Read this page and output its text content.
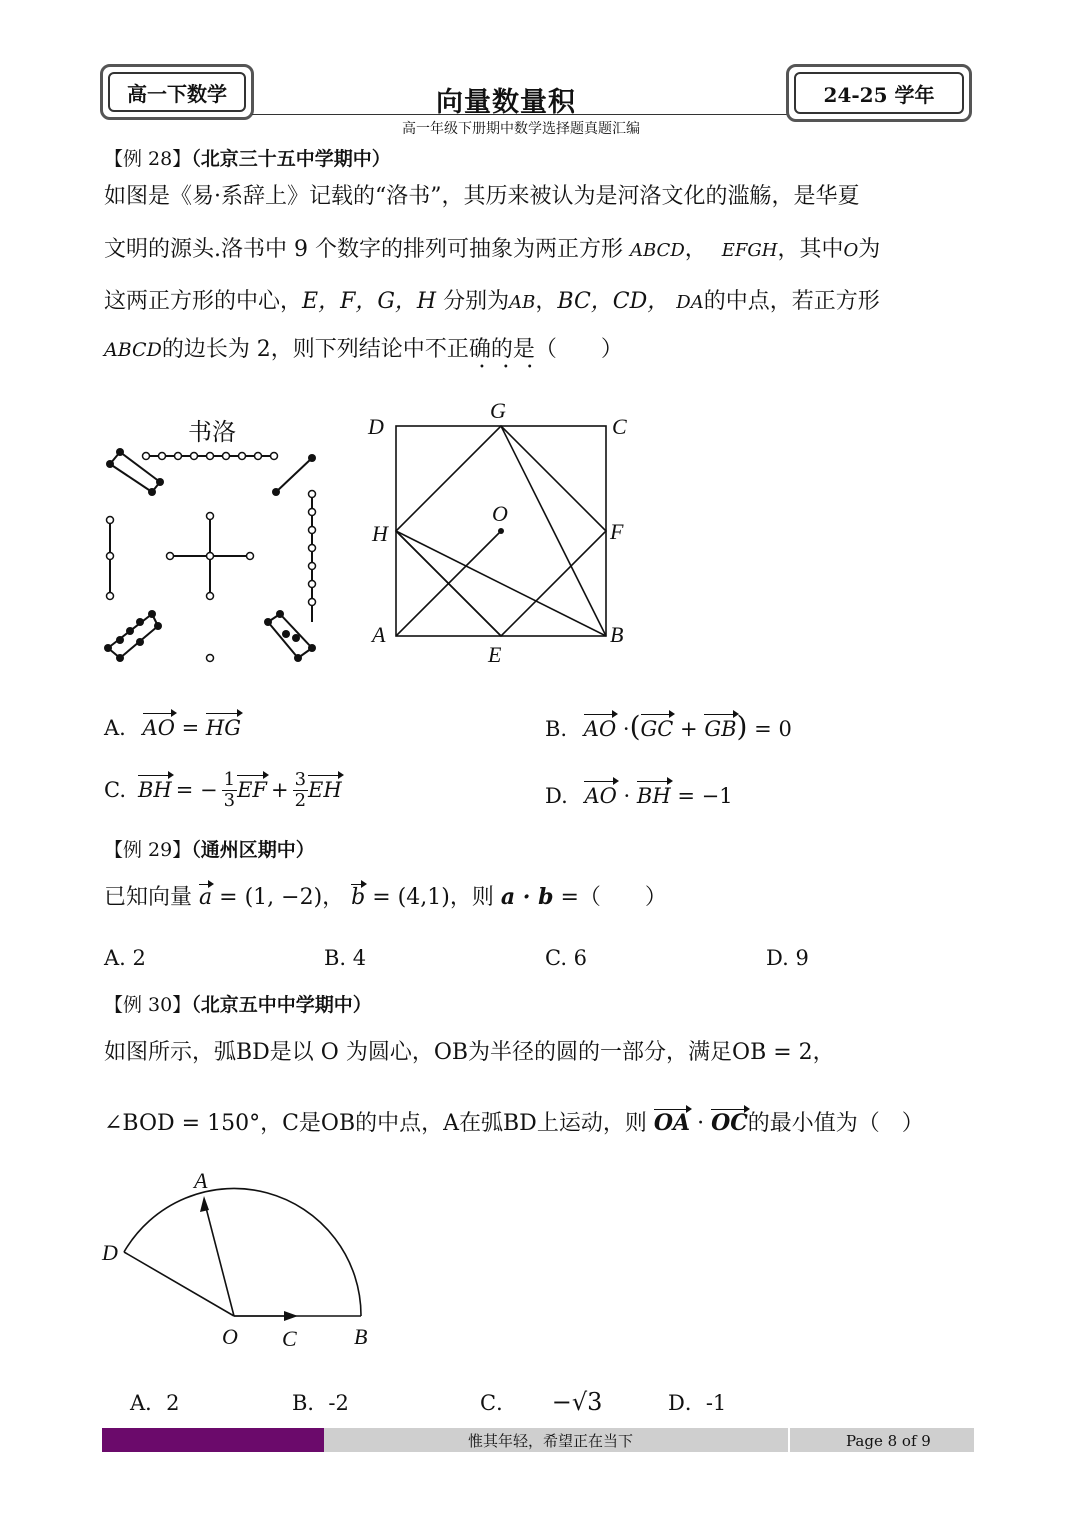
高一下数学	向量数量积
高一年级下册期中数学选择题真题汇编
24-25 学年
【例 28】（北京三十五中学期中）
如图是《易·系辞上》记载的“洛书”，其历来被认为是河洛文化的滥觞，是华夏
文明的源头.洛书中 9 个数字的排列可抽象为两正方形 ABCD， EFGH，其中O为
这两正方形的中心，E，F，G，H 分别为AB，BC，CD， DA的中点，若正方形
ABCD的边长为 2，则下列结论中不正确的是（　　）
•••
书洛	D
G
C
H
O
F
A	B
E
A. AO = HG	B. AO ·(GC + GB) = 0
C. BH = − $\frac{1}{3}$ EF + $\frac{3}{2}$ EH	D. AO · BH = −1
【例 29】（通州区期中）
已知向量 a = (1, −2)， b = (4,1)，则 a · b =（　　）
A. 2	B. 4	C. 6	D. 9
【例 30】（北京五中中学期中）
如图所示，弧BD是以 O 为圆心，OB为半径的圆的一部分，满足OB = 2，
∠BOD = 150°，C是OB的中点，A在弧BD上运动，则 OA · OC的最小值为（　）
A
D
O C	B
A．2	B．-2	C． −√3	D．-1
惟其年轻，希望正在当下	Page 8 of 9
